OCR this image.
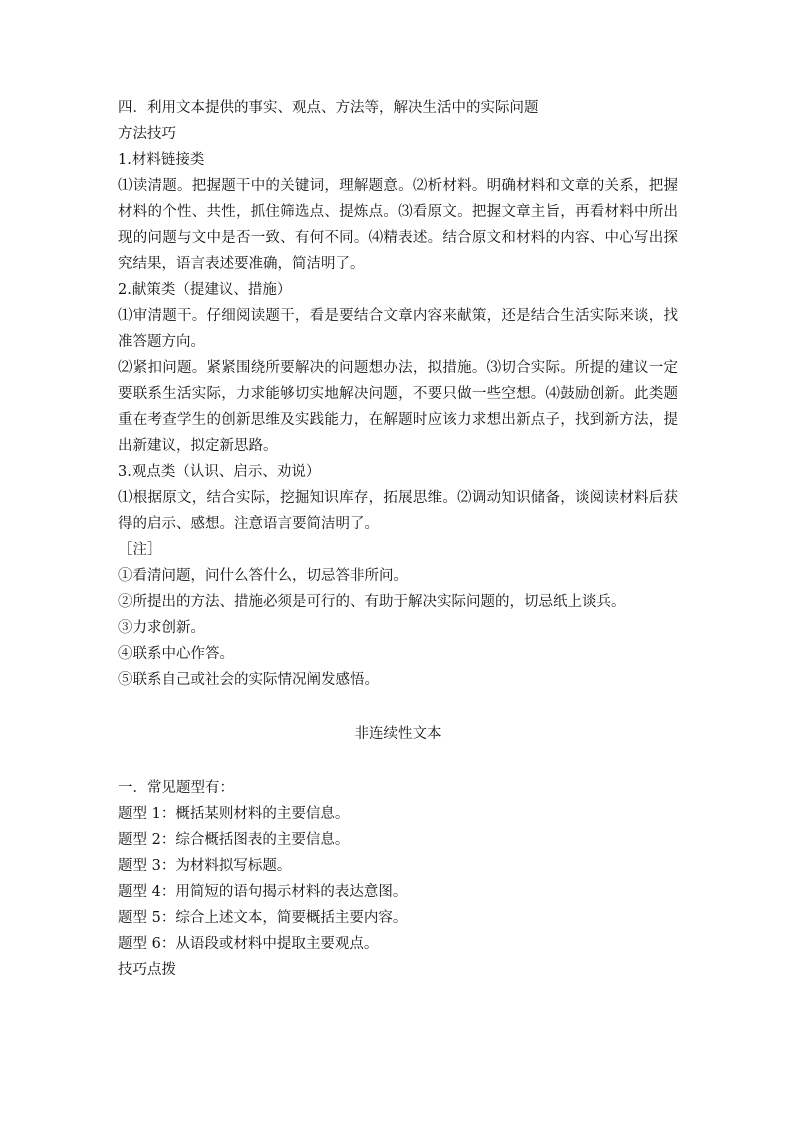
四．利用文本提供的事实、观点、方法等，解决生活中的实际问题

方法技巧

1.材料链接类

⑴读清题。把握题干中的关键词，理解题意。⑵析材料。明确材料和文章的关系，把握材料的个性、共性，抓住筛选点、提炼点。⑶看原文。把握文章主旨，再看材料中所出现的问题与文中是否一致、有何不同。⑷精表述。结合原文和材料的内容、中心写出探究结果，语言表述要准确，简洁明了。

2.献策类（提建议、措施）

⑴审清题干。仔细阅读题干，看是要结合文章内容来献策，还是结合生活实际来谈，找准答题方向。

⑵紧扣问题。紧紧围绕所要解决的问题想办法，拟措施。⑶切合实际。所提的建议一定要联系生活实际，力求能够切实地解决问题，不要只做一些空想。⑷鼓励创新。此类题重在考查学生的创新思维及实践能力，在解题时应该力求想出新点子，找到新方法，提出新建议，拟定新思路。

3.观点类（认识、启示、劝说）

⑴根据原文，结合实际，挖掘知识库存，拓展思维。⑵调动知识储备，谈阅读材料后获得的启示、感想。注意语言要简洁明了。

［注］

①看清问题，问什么答什么，切忌答非所问。

②所提出的方法、措施必须是可行的、有助于解决实际问题的，切忌纸上谈兵。

③力求创新。

④联系中心作答。

⑤联系自己或社会的实际情况阐发感悟。

非连续性文本

一．常见题型有：

题型 1：概括某则材料的主要信息。

题型 2：综合概括图表的主要信息。

题型 3：为材料拟写标题。

题型 4：用简短的语句揭示材料的表达意图。

题型 5：综合上述文本，简要概括主要内容。

题型 6：从语段或材料中提取主要观点。

技巧点拨
